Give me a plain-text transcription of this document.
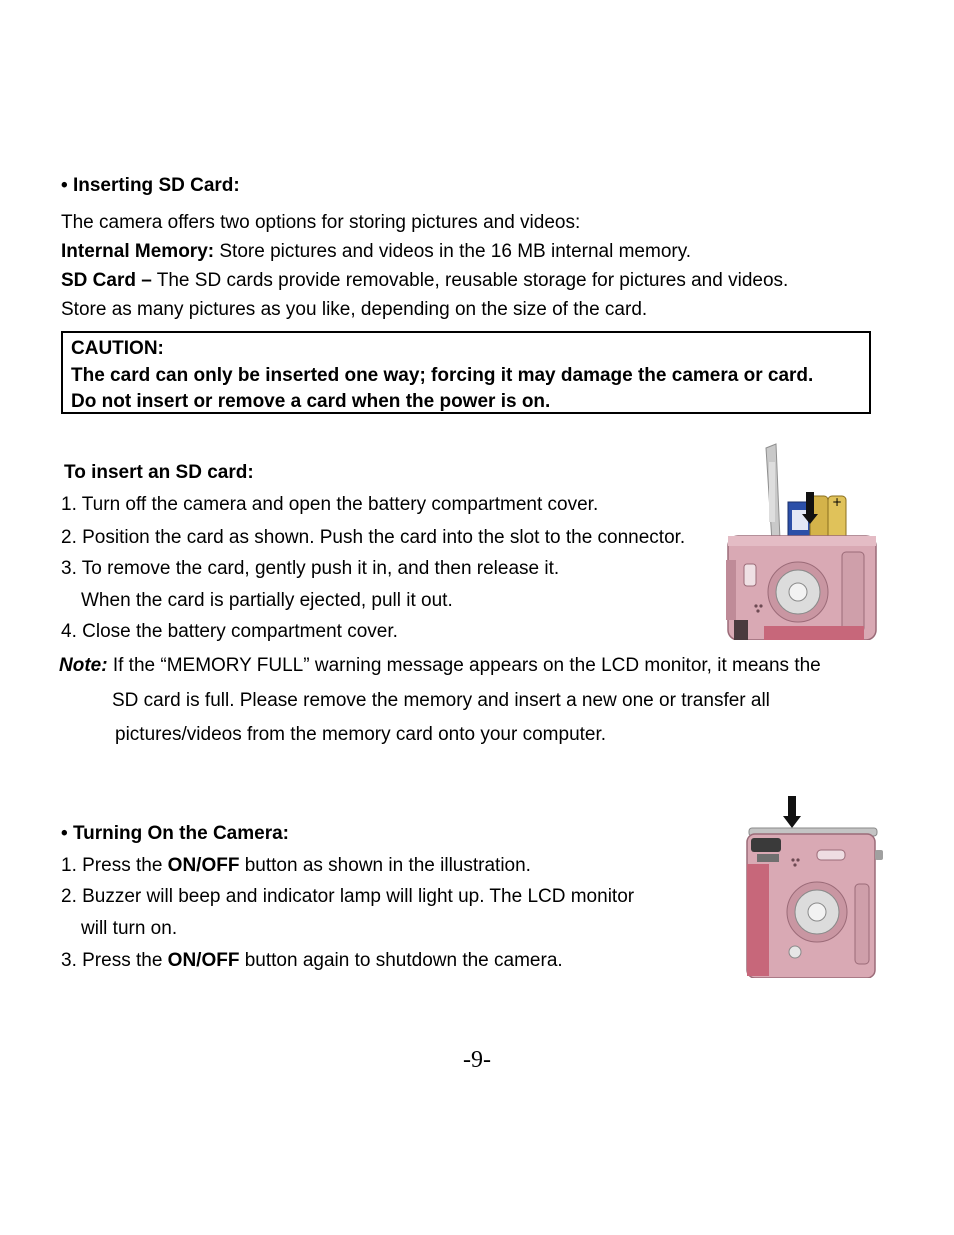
• Inserting SD Card:

The camera offers two options for storing pictures and videos:

Internal Memory: Store pictures and videos in the 16 MB internal memory.

SD Card – The SD cards provide removable, reusable storage for pictures and videos.

Store as many pictures as you like, depending on the size of the card.

CAUTION:

The card can only be inserted one way; forcing it may damage the camera or card.

Do not insert or remove a card when the power is on.

To insert an SD card:

1. Turn off the camera and open the battery compartment cover.

2. Position the card as shown. Push the card into the slot to the connector.

3. To remove the card, gently push it in, and then release it.

When the card is partially ejected, pull it out.

4. Close the battery compartment cover.

Note: If the “MEMORY FULL” warning message appears on the LCD monitor, it means the

SD card is full. Please remove the memory and insert a new one or transfer all

pictures/videos from the memory card onto your computer.

+

• Turning On the Camera:

1. Press the ON/OFF button as shown in the illustration.

2. Buzzer will beep and indicator lamp will light up. The LCD monitor

will turn on.

3. Press the ON/OFF button again to shutdown the camera.

-9-
